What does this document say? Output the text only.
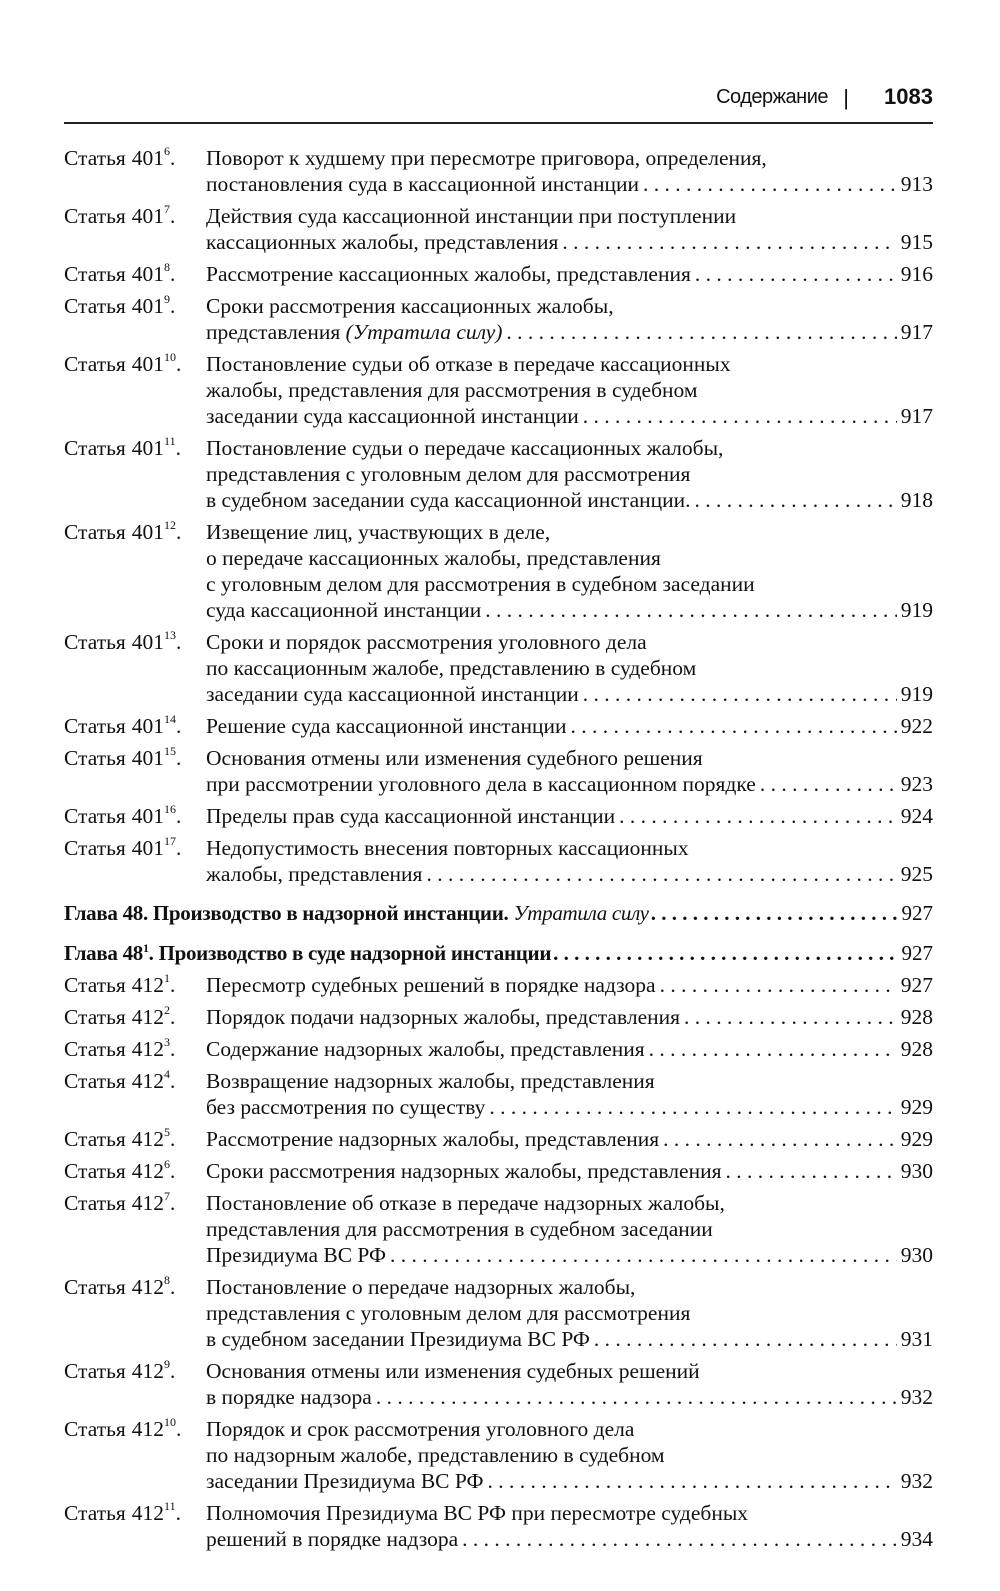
Содержание | 1083
Статья $401^6$. Поворот к худшему при пересмотре приговора, определения,
постановления суда в кассационной инстанции . . .	913
Статья $401^7$. Действия суда кассационной инстанции при поступлении
кассационных жалобы, представления . . .	915
Статья $401^8$. Рассмотрение кассационных жалобы, представления . . .	916
Статья $401^9$. Сроки рассмотрения кассационных жалобы,
представления (Утратила силу) . . .	917
Статья $401^{10}$. Постановление судьи об отказе в передаче кассационных
жалобы, представления для рассмотрения в судебном
заседании суда кассационной инстанции . . .	917
Статья $401^{11}$. Постановление судьи о передаче кассационных жалобы,
представления с уголовным делом для рассмотрения
в судебном заседании суда кассационной инстанции. . . .	918
Статья $401^{12}$. Извещение лиц, участвующих в деле,
о передаче кассационных жалобы, представления
с уголовным делом для рассмотрения в судебном заседании
суда кассационной инстанции . . .	919
Статья $401^{13}$. Сроки и порядок рассмотрения уголовного дела
по кассационным жалобе, представлению в судебном
заседании суда кассационной инстанции . . .	919
Статья $401^{14}$. Решение суда кассационной инстанции . . .	922
Статья $401^{15}$. Основания отмены или изменения судебного решения
при рассмотрении уголовного дела в кассационном порядке . . .	923
Статья $401^{16}$. Пределы прав суда кассационной инстанции . . .	924
Статья $401^{17}$. Недопустимость внесения повторных кассационных
жалобы, представления . . .	925
Глава 48. Производство в надзорной инстанции. Утратила силу . . .	927
Глава $48^1$. Производство в суде надзорной инстанции . . .	927
Статья $412^1$. Пересмотр судебных решений в порядке надзора . . .	927
Статья $412^2$. Порядок подачи надзорных жалобы, представления . . .	928
Статья $412^3$. Содержание надзорных жалобы, представления . . .	928
Статья $412^4$. Возвращение надзорных жалобы, представления
без рассмотрения по существу . . .	929
Статья $412^5$. Рассмотрение надзорных жалобы, представления . . .	929
Статья $412^6$. Сроки рассмотрения надзорных жалобы, представления . . .	930
Статья $412^7$. Постановление об отказе в передаче надзорных жалобы,
представления для рассмотрения в судебном заседании
Президиума ВС РФ . . .	930
Статья $412^8$. Постановление о передаче надзорных жалобы,
представления с уголовным делом для рассмотрения
в судебном заседании Президиума ВС РФ . . .	931
Статья $412^9$. Основания отмены или изменения судебных решений
в порядке надзора . . .	932
Статья $412^{10}$. Порядок и срок рассмотрения уголовного дела
по надзорным жалобе, представлению в судебном
заседании Президиума ВС РФ . . .	932
Статья $412^{11}$. Полномочия Президиума ВС РФ при пересмотре судебных
решений в порядке надзора . . .	934
